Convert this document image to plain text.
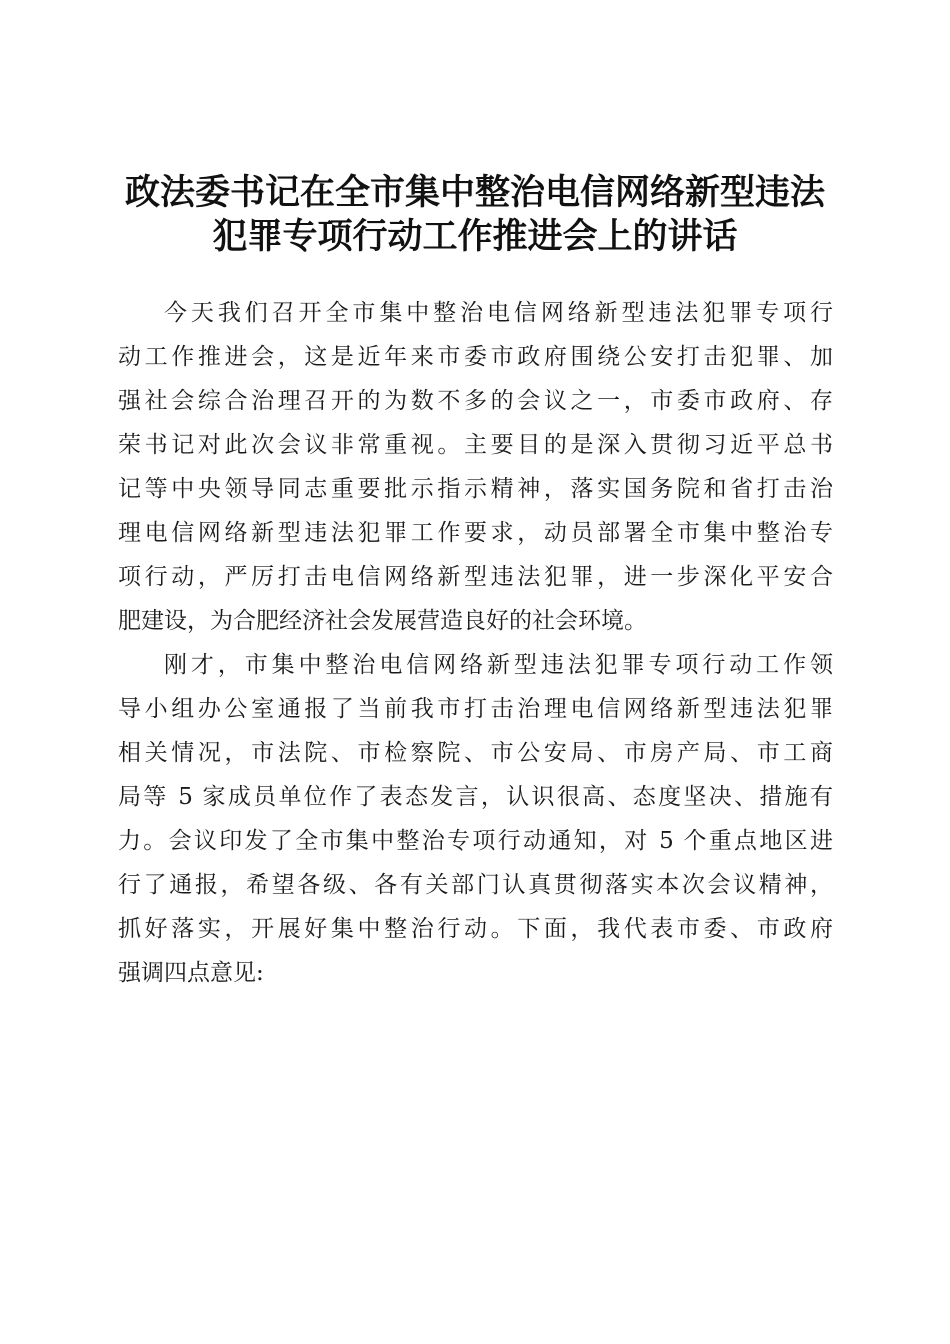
政法委书记在全市集中整治电信网络新型违法
犯罪专项行动工作推进会上的讲话
今天我们召开全市集中整治电信网络新型违法犯罪专项行
动工作推进会，这是近年来市委市政府围绕公安打击犯罪、加
强社会综合治理召开的为数不多的会议之一，市委市政府、存
荣书记对此次会议非常重视。主要目的是深入贯彻习近平总书
记等中央领导同志重要批示指示精神，落实国务院和省打击治
理电信网络新型违法犯罪工作要求，动员部署全市集中整治专
项行动，严厉打击电信网络新型违法犯罪，进一步深化平安合
肥建设，为合肥经济社会发展营造良好的社会环境。
刚才，市集中整治电信网络新型违法犯罪专项行动工作领
导小组办公室通报了当前我市打击治理电信网络新型违法犯罪
相关情况，市法院、市检察院、市公安局、市房产局、市工商
局等 5 家成员单位作了表态发言，认识很高、态度坚决、措施有
力。会议印发了全市集中整治专项行动通知，对 5 个重点地区进
行了通报，希望各级、各有关部门认真贯彻落实本次会议精神，
抓好落实，开展好集中整治行动。下面，我代表市委、市政府
强调四点意见:
